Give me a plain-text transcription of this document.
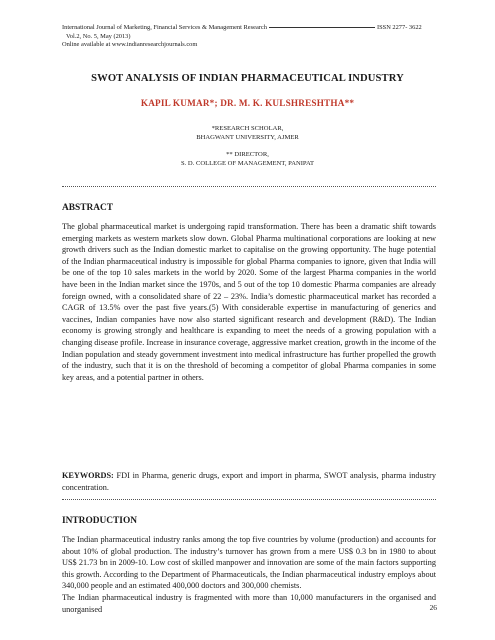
International Journal of Marketing, Financial Services & Management Research	ISSN 2277- 3622
Vol.2, No. 5, May (2013)
Online available at www.indianresearchjournals.com
SWOT ANALYSIS OF INDIAN PHARMACEUTICAL INDUSTRY
KAPIL KUMAR*; DR. M. K. KULSHRESHTHA**
*RESEARCH SCHOLAR,
BHAGWANT UNIVERSITY, AJMER
** DIRECTOR,
S. D. COLLEGE OF MANAGEMENT, PANIPAT
ABSTRACT

The global pharmaceutical market is undergoing rapid transformation. There has been a dramatic shift towards emerging markets as western markets slow down. Global Pharma multinational corporations are looking at new growth drivers such as the Indian domestic market to capitalise on the growing opportunity. The huge potential of the Indian pharmaceutical industry is impossible for global Pharma companies to ignore, given that India will be one of the top 10 sales markets in the world by 2020. Some of the largest Pharma companies in the world have been in the Indian market since the 1970s, and 5 out of the top 10 domestic Pharma companies are already foreign owned, with a consolidated share of 22 – 23%. India’s domestic pharmaceutical market has recorded a CAGR of 13.5% over the past five years.(5) With considerable expertise in manufacturing of generics and vaccines, Indian companies have now also started significant research and development (R&D). The Indian economy is growing strongly and healthcare is expanding to meet the needs of a growing population with a changing disease profile. Increase in insurance coverage, aggressive market creation, growth in the income of the Indian population and steady government investment into medical infrastructure has further propelled the growth of the industry, such that it is on the threshold of becoming a competitor of global Pharma companies in some key areas, and a potential partner in others.

KEYWORDS: FDI in Pharma, generic drugs, export and import in pharma, SWOT analysis, pharma industry concentration.

INTRODUCTION

The Indian pharmaceutical industry ranks among the top five countries by volume (production) and accounts for about 10% of global production. The industry’s turnover has grown from a mere US$ 0.3 bn in 1980 to about US$ 21.73 bn in 2009-10. Low cost of skilled manpower and innovation are some of the main factors supporting this growth. According to the Department of Pharmaceuticals, the Indian pharmaceutical industry employs about 340,000 people and an estimated 400,000 doctors and 300,000 chemists.

The Indian pharmaceutical industry is fragmented with more than 10,000 manufacturers in the organised and unorganised	26
